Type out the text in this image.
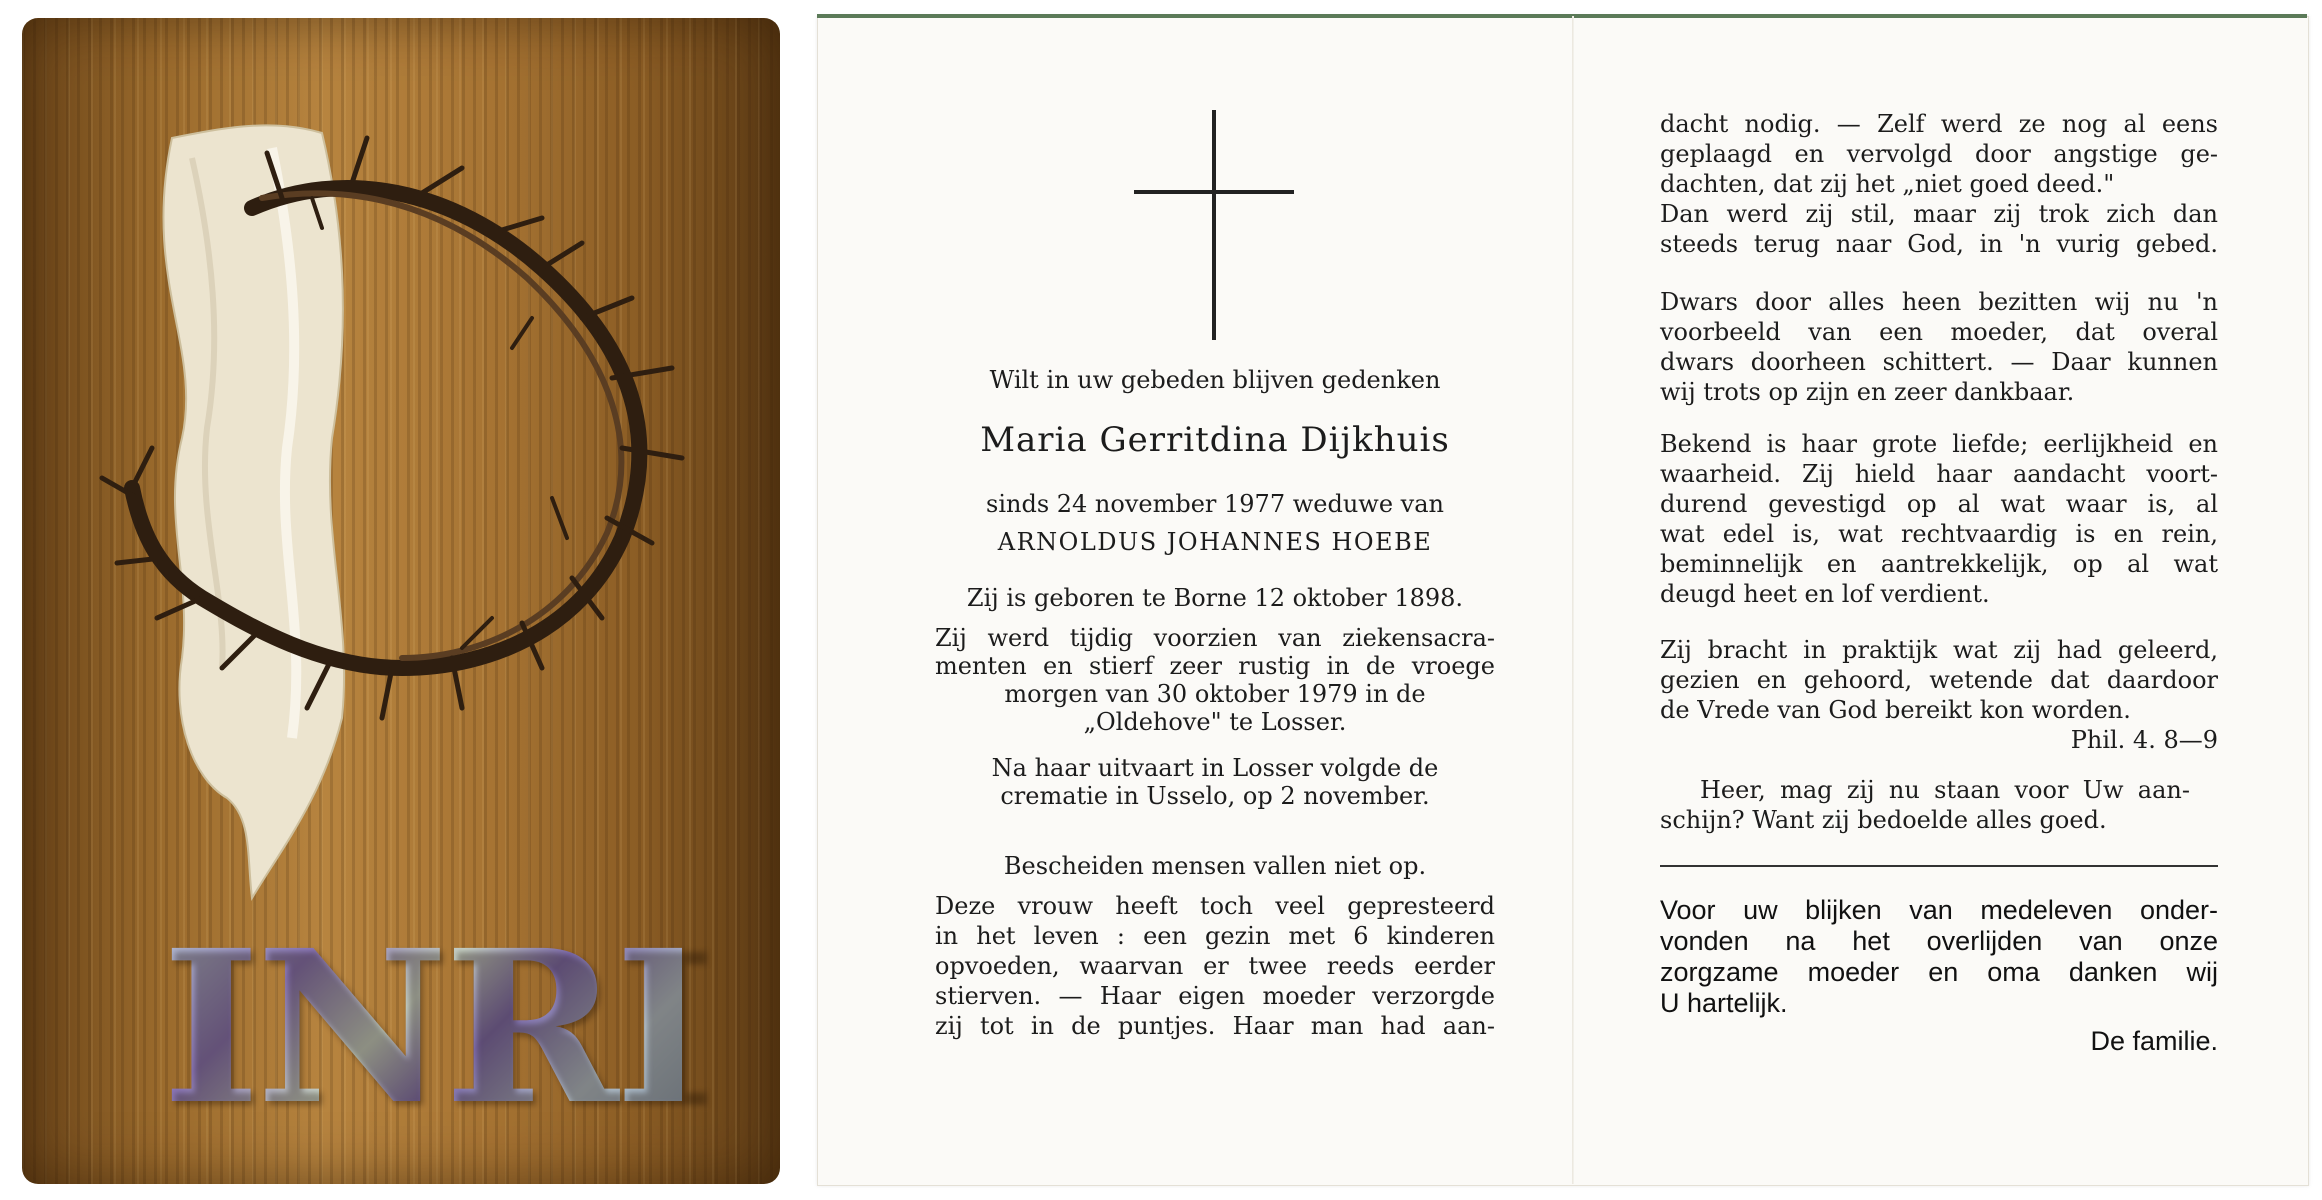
INRI
Wilt in uw gebeden blijven gedenken
Maria Gerritdina Dijkhuis
sinds 24 november 1977 weduwe van
ARNOLDUS JOHANNES HOEBE
Zij is geboren te Borne 12 oktober 1898.
Zij werd tijdig voorzien van ziekensacra-
menten en stierf zeer rustig in de vroege
morgen van 30 oktober 1979 in de
„Oldehove" te Losser.
Na haar uitvaart in Losser volgde de
crematie in Usselo, op 2 november.
Bescheiden mensen vallen niet op.
Deze vrouw heeft toch veel gepresteerd
in het leven : een gezin met 6 kinderen
opvoeden, waarvan er twee reeds eerder
stierven. — Haar eigen moeder verzorgde
zij tot in de puntjes. Haar man had aan-
dacht nodig. — Zelf werd ze nog al eens
geplaagd en vervolgd door angstige ge-
dachten, dat zij het „niet goed deed."
Dan werd zij stil, maar zij trok zich dan
steeds terug naar God, in 'n vurig gebed.
Dwars door alles heen bezitten wij nu 'n
voorbeeld van een moeder, dat overal
dwars doorheen schittert. — Daar kunnen
wij trots op zijn en zeer dankbaar.
Bekend is haar grote liefde; eerlijkheid en
waarheid. Zij hield haar aandacht voort-
durend gevestigd op al wat waar is, al
wat edel is, wat rechtvaardig is en rein,
beminnelijk en aantrekkelijk, op al wat
deugd heet en lof verdient.
Zij bracht in praktijk wat zij had geleerd,
gezien en gehoord, wetende dat daardoor
de Vrede van God bereikt kon worden.
Phil. 4. 8—9
Heer, mag zij nu staan voor Uw aan-
schijn? Want zij bedoelde alles goed.
Voor uw blijken van medeleven onder-
vonden na het overlijden van onze
zorgzame moeder en oma danken wij
U hartelijk.
De familie.
